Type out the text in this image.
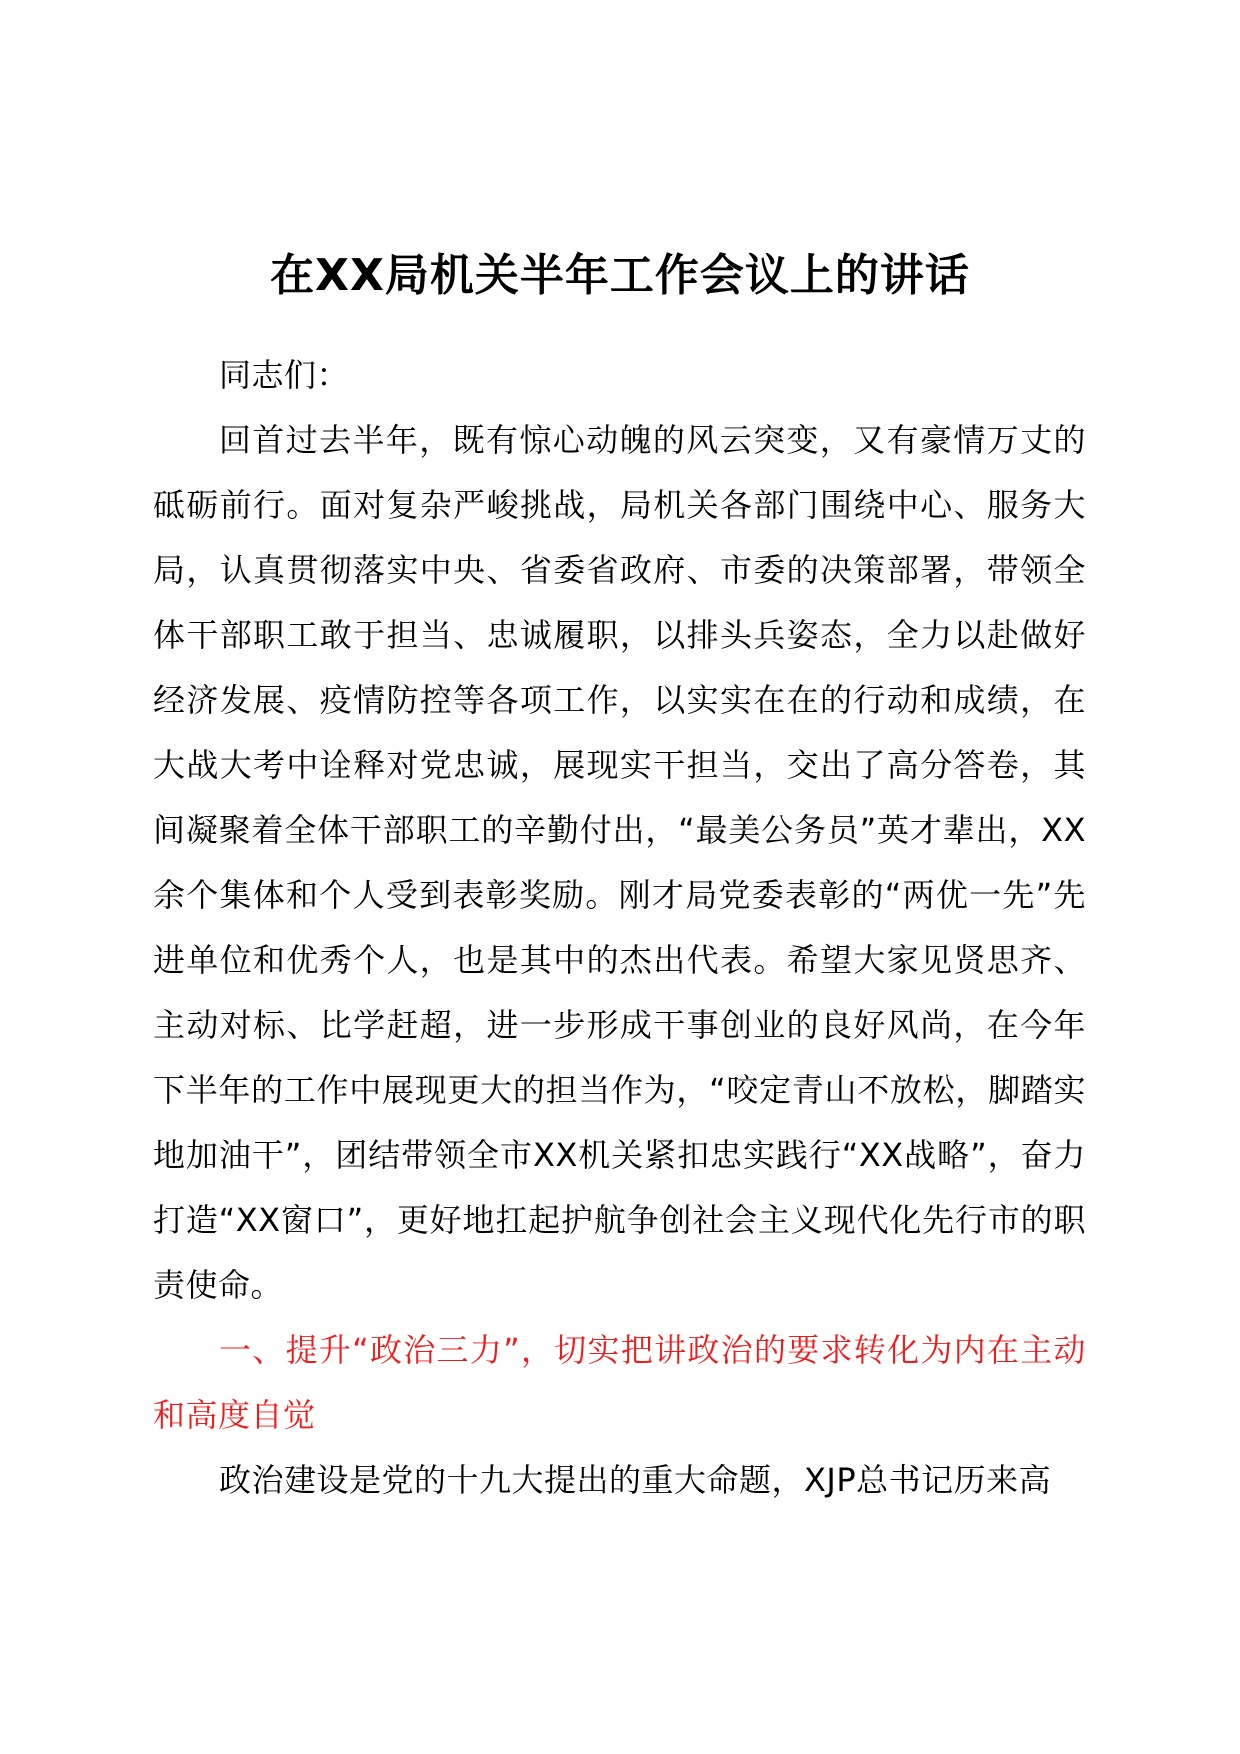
在XX局机关半年工作会议上的讲话

同志们：

回首过去半年，既有惊心动魄的风云突变，又有豪情万丈的砥砺前行。面对复杂严峻挑战，局机关各部门围绕中心、服务大局，认真贯彻落实中央、省委省政府、市委的决策部署，带领全体干部职工敢于担当、忠诚履职，以排头兵姿态，全力以赴做好经济发展、疫情防控等各项工作，以实实在在的行动和成绩，在大战大考中诠释对党忠诚，展现实干担当，交出了高分答卷，其间凝聚着全体干部职工的辛勤付出，“最美公务员”英才辈出，XX余个集体和个人受到表彰奖励。刚才局党委表彰的“两优一先”先进单位和优秀个人，也是其中的杰出代表。希望大家见贤思齐、主动对标、比学赶超，进一步形成干事创业的良好风尚，在今年下半年的工作中展现更大的担当作为，“咬定青山不放松，脚踏实地加油干”，团结带领全市XX机关紧扣忠实践行“XX战略”，奋力打造“XX窗口”，更好地扛起护航争创社会主义现代化先行市的职责使命。

一、提升“政治三力”，切实把讲政治的要求转化为内在主动和高度自觉

政治建设是党的十九大提出的重大命题，XJP总书记历来高
